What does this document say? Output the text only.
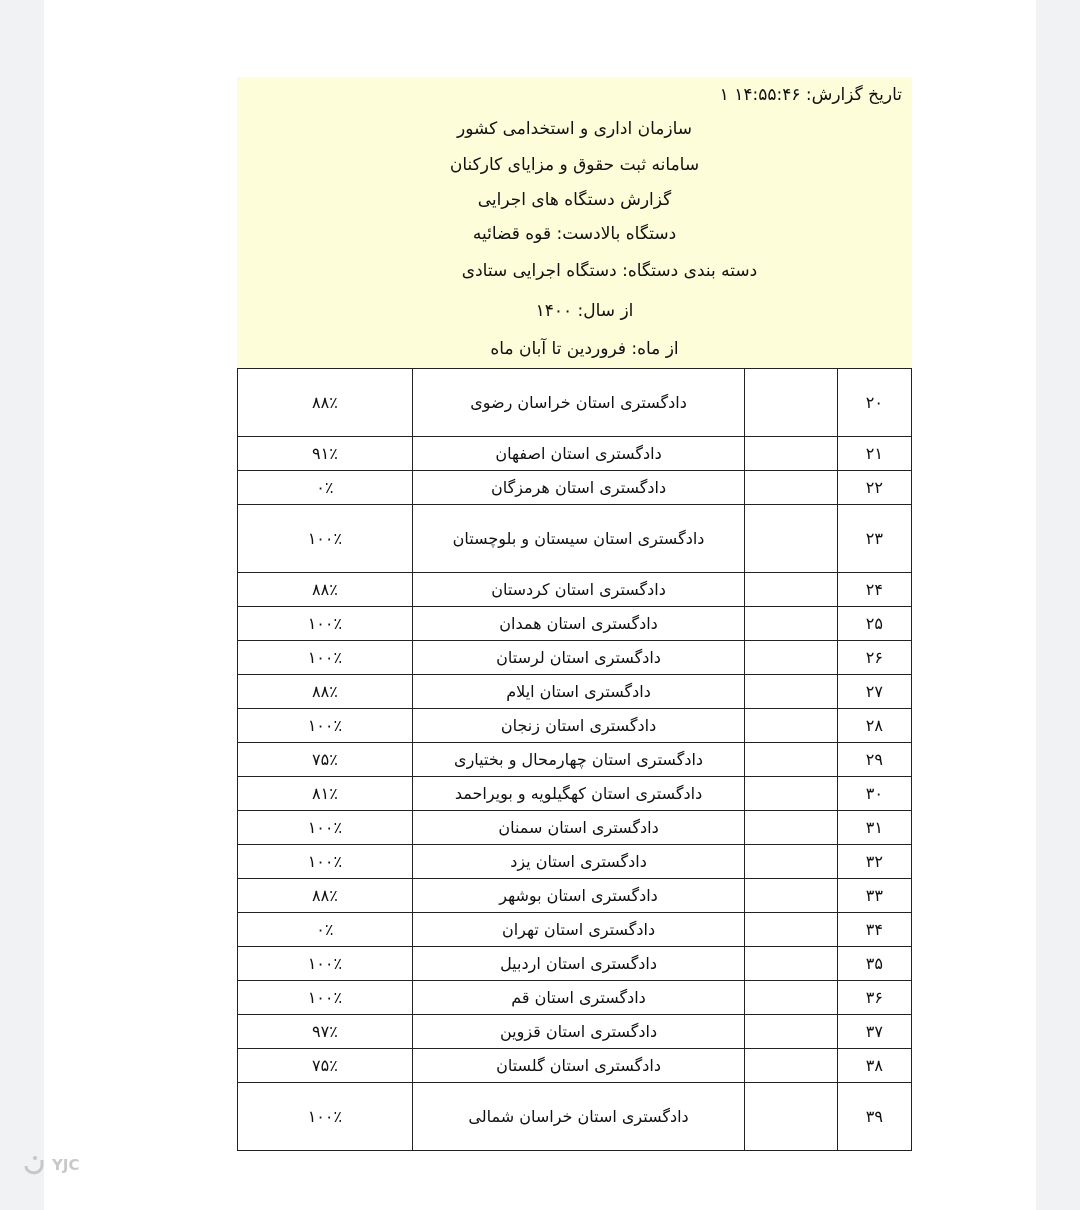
تاریخ گزارش: ۱۴:۵۵:۴۶ ۱
سازمان اداری و استخدامی کشور
سامانه ثبت حقوق و مزایای کارکنان
گزارش دستگاه های اجرایی
دستگاه بالادست: قوه قضائیه
دسته بندی دستگاه: دستگاه اجرایی ستادی
از سال: ۱۴۰۰
از ماه: فروردین تا آبان ماه
۲۰		دادگستری استان خراسان رضوی	۸۸٪
۲۱		دادگستری استان اصفهان	۹۱٪
۲۲		دادگستری استان هرمزگان	۰٪
۲۳		دادگستری استان سیستان و بلوچستان	۱۰۰٪
۲۴		دادگستری استان کردستان	۸۸٪
۲۵		دادگستری استان همدان	۱۰۰٪
۲۶		دادگستری استان لرستان	۱۰۰٪
۲۷		دادگستری استان ایلام	۸۸٪
۲۸		دادگستری استان زنجان	۱۰۰٪
۲۹		دادگستری استان چهارمحال و بختیاری	۷۵٪
۳۰		دادگستری استان کهگیلویه و بویراحمد	۸۱٪
۳۱		دادگستری استان سمنان	۱۰۰٪
۳۲		دادگستری استان یزد	۱۰۰٪
۳۳		دادگستری استان بوشهر	۸۸٪
۳۴		دادگستری استان تهران	۰٪
۳۵		دادگستری استان اردبیل	۱۰۰٪
۳۶		دادگستری استان قم	۱۰۰٪
۳۷		دادگستری استان قزوین	۹۷٪
۳۸		دادگستری استان گلستان	۷۵٪
۳۹		دادگستری استان خراسان شمالی	۱۰۰٪
YJC
